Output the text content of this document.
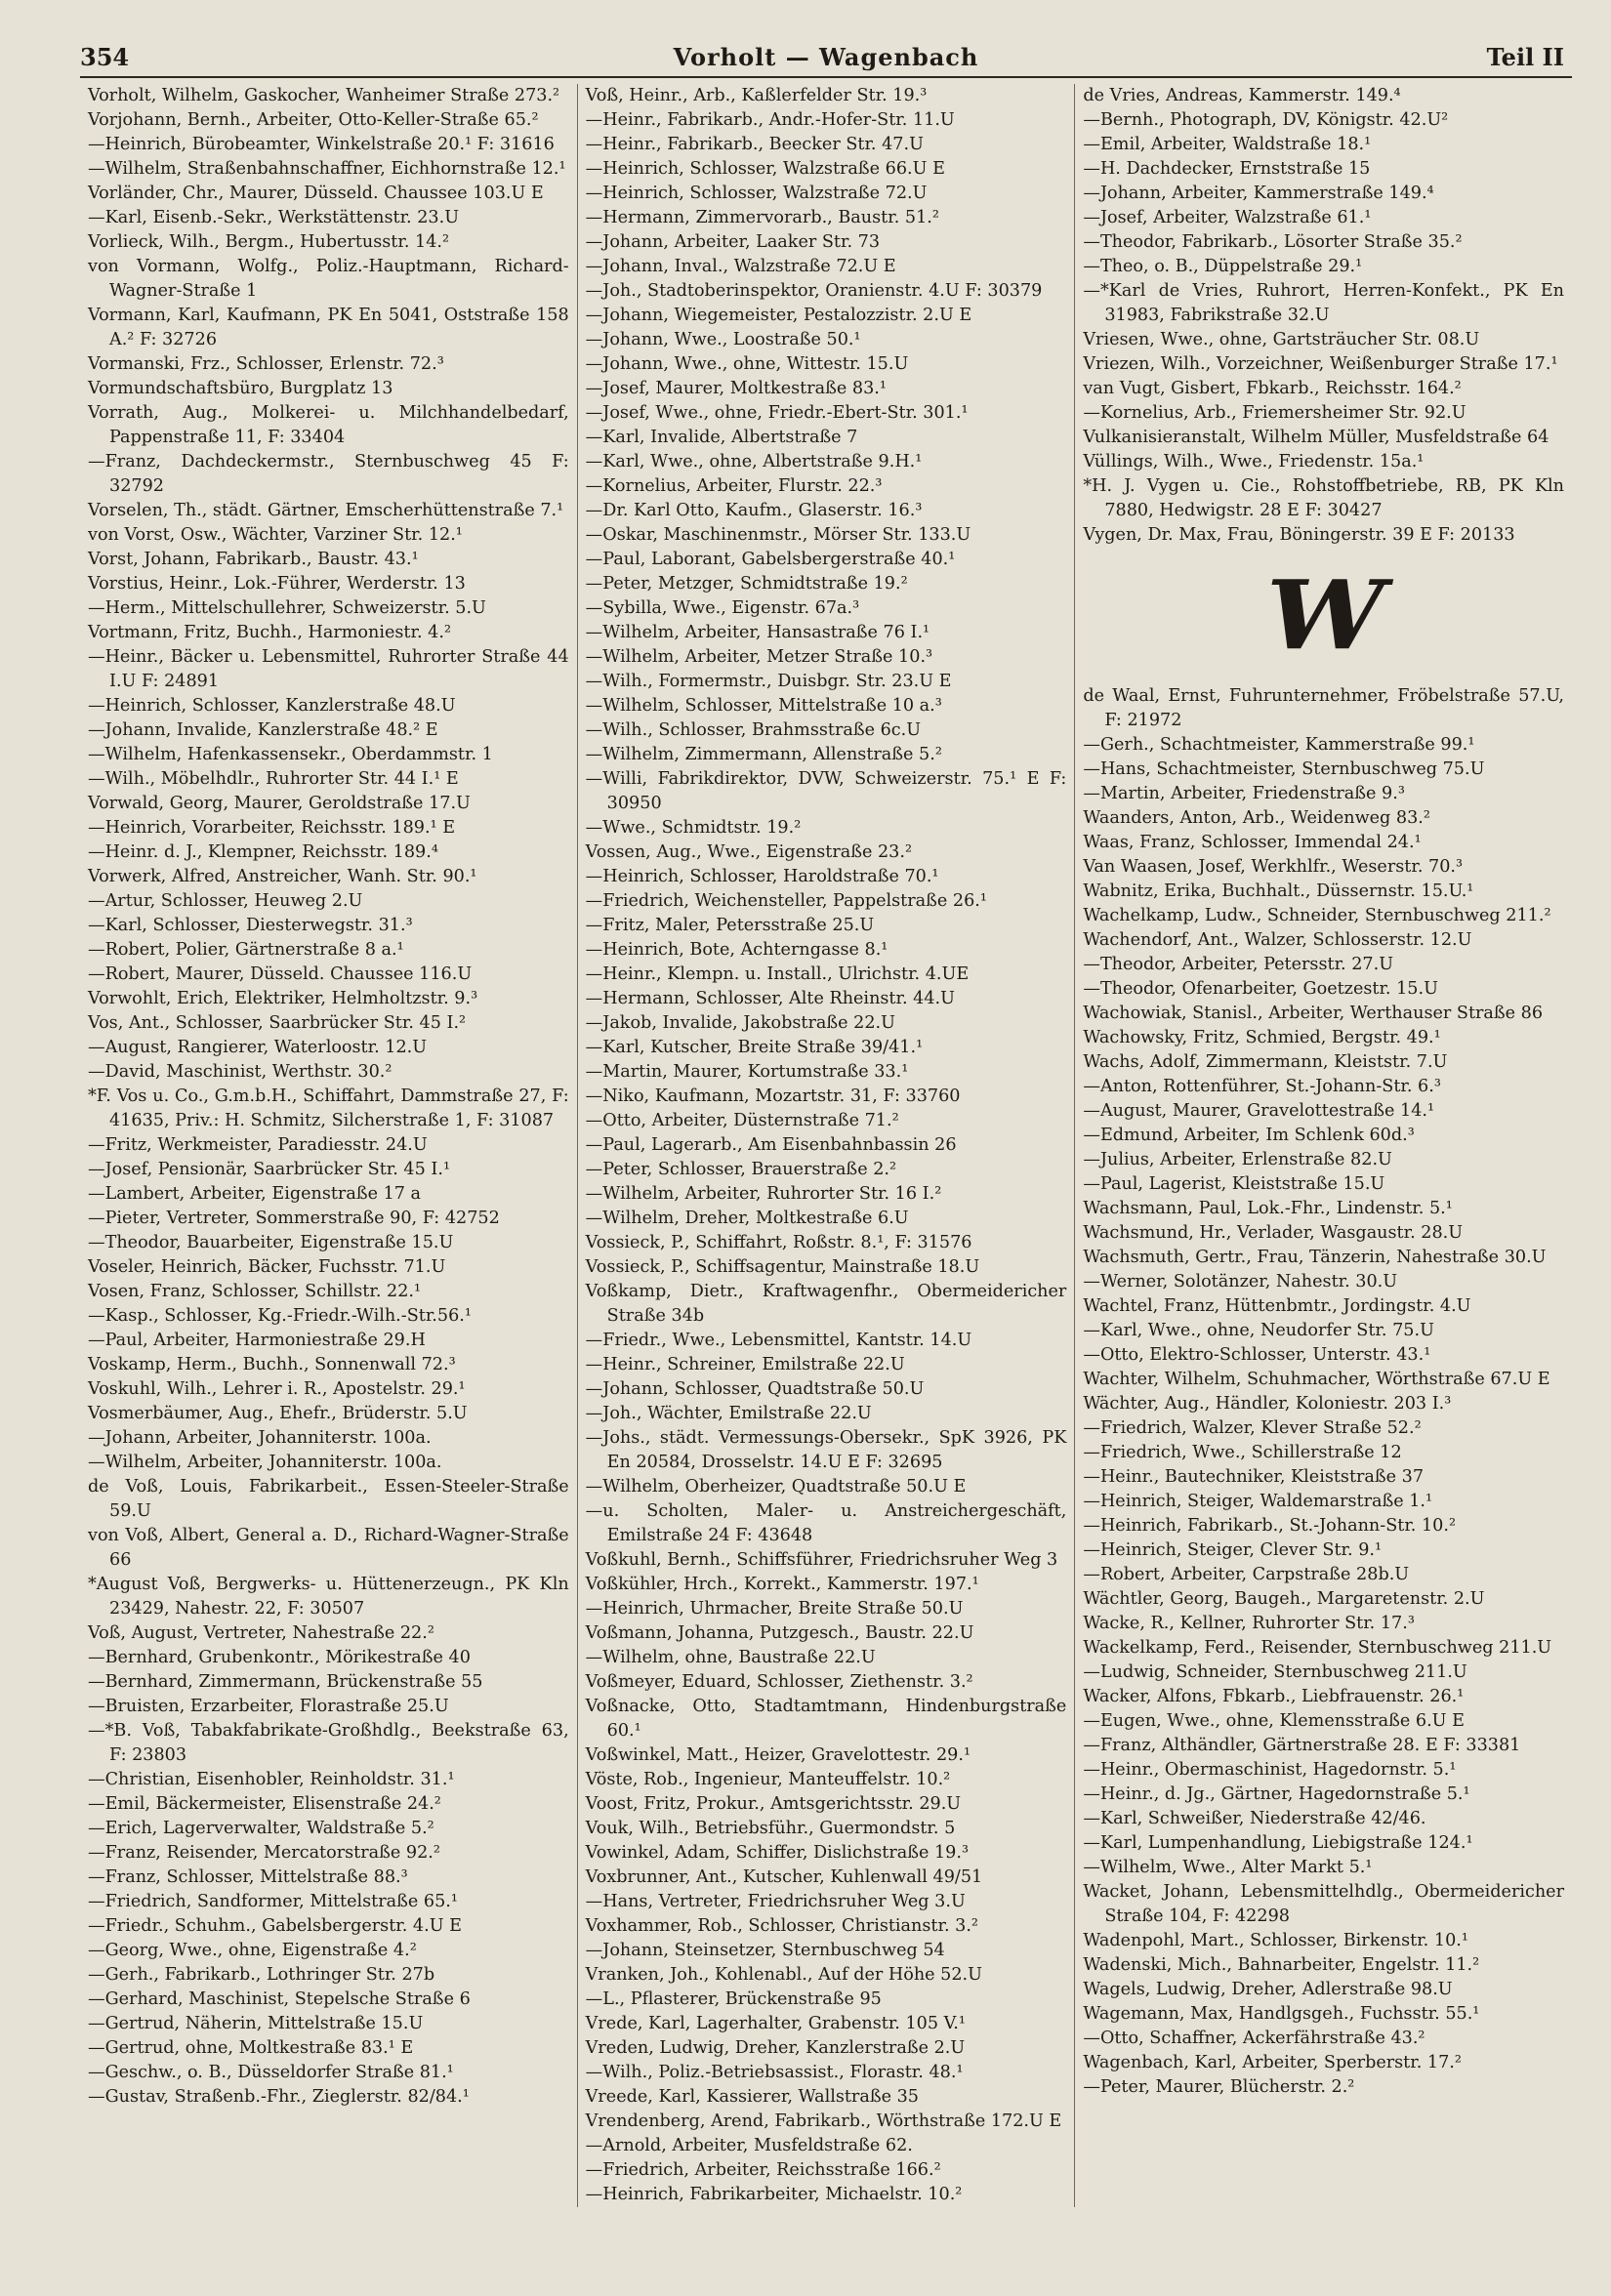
354	Vorholt — Wagenbach	Teil II
Vorholt, Wilhelm, Gaskocher, Wanheimer Straße 273.²
Vorjohann, Bernh., Arbeiter, Otto-Keller-Straße 65.²
—Heinrich, Bürobeamter, Winkelstraße 20.¹ F: 31616
—Wilhelm, Straßenbahnschaffner, Eichhornstraße 12.¹
Vorländer, Chr., Maurer, Düsseld. Chaussee 103.U E
—Karl, Eisenb.-Sekr., Werkstättenstr. 23.U
Vorlieck, Wilh., Bergm., Hubertusstr. 14.²
von Vormann, Wolfg., Poliz.-Hauptmann, Richard-Wagner-Straße 1
Vormann, Karl, Kaufmann, PK En 5041, Oststraße 158 A.² F: 32726
Vormanski, Frz., Schlosser, Erlenstr. 72.³
Vormundschaftsbüro, Burgplatz 13
Vorrath, Aug., Molkerei- u. Milchhandelbedarf, Pappenstraße 11, F: 33404
—Franz, Dachdeckermstr., Sternbuschweg 45 F: 32792
Vorselen, Th., städt. Gärtner, Emscherhüttenstraße 7.¹
von Vorst, Osw., Wächter, Varziner Str. 12.¹
Vorst, Johann, Fabrikarb., Baustr. 43.¹
Vorstius, Heinr., Lok.-Führer, Werderstr. 13
—Herm., Mittelschullehrer, Schweizerstr. 5.U
Vortmann, Fritz, Buchh., Harmoniestr. 4.²
—Heinr., Bäcker u. Lebensmittel, Ruhrorter Straße 44 I.U F: 24891
—Heinrich, Schlosser, Kanzlerstraße 48.U
—Johann, Invalide, Kanzlerstraße 48.² E
—Wilhelm, Hafenkassensekr., Oberdammstr. 1
—Wilh., Möbelhdlr., Ruhrorter Str. 44 I.¹ E
Vorwald, Georg, Maurer, Geroldstraße 17.U
—Heinrich, Vorarbeiter, Reichsstr. 189.¹ E
—Heinr. d. J., Klempner, Reichsstr. 189.⁴
Vorwerk, Alfred, Anstreicher, Wanh. Str. 90.¹
—Artur, Schlosser, Heuweg 2.U
—Karl, Schlosser, Diesterwegstr. 31.³
—Robert, Polier, Gärtnerstraße 8 a.¹
—Robert, Maurer, Düsseld. Chaussee 116.U
Vorwohlt, Erich, Elektriker, Helmholtzstr. 9.³
Vos, Ant., Schlosser, Saarbrücker Str. 45 I.²
—August, Rangierer, Waterloostr. 12.U
—David, Maschinist, Werthstr. 30.²
*F. Vos u. Co., G.m.b.H., Schiffahrt, Dammstraße 27, F: 41635, Priv.: H. Schmitz, Silcherstraße 1, F: 31087
—Fritz, Werkmeister, Paradiesstr. 24.U
—Josef, Pensionär, Saarbrücker Str. 45 I.¹
—Lambert, Arbeiter, Eigenstraße 17 a
—Pieter, Vertreter, Sommerstraße 90, F: 42752
—Theodor, Bauarbeiter, Eigenstraße 15.U
Voseler, Heinrich, Bäcker, Fuchsstr. 71.U
Vosen, Franz, Schlosser, Schillstr. 22.¹
—Kasp., Schlosser, Kg.-Friedr.-Wilh.-Str.56.¹
—Paul, Arbeiter, Harmoniestraße 29.H
Voskamp, Herm., Buchh., Sonnenwall 72.³
Voskuhl, Wilh., Lehrer i. R., Apostelstr. 29.¹
Vosmerbäumer, Aug., Ehefr., Brüderstr. 5.U
—Johann, Arbeiter, Johanniterstr. 100a.
—Wilhelm, Arbeiter, Johanniterstr. 100a.
de Voß, Louis, Fabrikarbeit., Essen-Steeler-Straße 59.U
von Voß, Albert, General a. D., Richard-Wagner-Straße 66
*August Voß, Bergwerks- u. Hüttenerzeugn., PK Kln 23429, Nahestr. 22, F: 30507
Voß, August, Vertreter, Nahestraße 22.²
—Bernhard, Grubenkontr., Mörikestraße 40
—Bernhard, Zimmermann, Brückenstraße 55
—Bruisten, Erzarbeiter, Florastraße 25.U
—*B. Voß, Tabakfabrikate-Großhdlg., Beekstraße 63, F: 23803
—Christian, Eisenhobler, Reinholdstr. 31.¹
—Emil, Bäckermeister, Elisenstraße 24.²
—Erich, Lagerverwalter, Waldstraße 5.²
—Franz, Reisender, Mercatorstraße 92.²
—Franz, Schlosser, Mittelstraße 88.³
—Friedrich, Sandformer, Mittelstraße 65.¹
—Friedr., Schuhm., Gabelsbergerstr. 4.U E
—Georg, Wwe., ohne, Eigenstraße 4.²
—Gerh., Fabrikarb., Lothringer Str. 27b
—Gerhard, Maschinist, Stepelsche Straße 6
—Gertrud, Näherin, Mittelstraße 15.U
—Gertrud, ohne, Moltkestraße 83.¹ E
—Geschw., o. B., Düsseldorfer Straße 81.¹
—Gustav, Straßenb.-Fhr., Zieglerstr. 82/84.¹
Voß, Heinr., Arb., Kaßlerfelder Str. 19.³
—Heinr., Fabrikarb., Andr.-Hofer-Str. 11.U
—Heinr., Fabrikarb., Beecker Str. 47.U
—Heinrich, Schlosser, Walzstraße 66.U E
—Heinrich, Schlosser, Walzstraße 72.U
—Hermann, Zimmervorarb., Baustr. 51.²
—Johann, Arbeiter, Laaker Str. 73
—Johann, Inval., Walzstraße 72.U E
—Joh., Stadtoberinspektor, Oranienstr. 4.U F: 30379
—Johann, Wiegemeister, Pestalozzistr. 2.U E
—Johann, Wwe., Loostraße 50.¹
—Johann, Wwe., ohne, Wittestr. 15.U
—Josef, Maurer, Moltkestraße 83.¹
—Josef, Wwe., ohne, Friedr.-Ebert-Str. 301.¹
—Karl, Invalide, Albertstraße 7
—Karl, Wwe., ohne, Albertstraße 9.H.¹
—Kornelius, Arbeiter, Flurstr. 22.³
—Dr. Karl Otto, Kaufm., Glaserstr. 16.³
—Oskar, Maschinenmstr., Mörser Str. 133.U
—Paul, Laborant, Gabelsbergerstraße 40.¹
—Peter, Metzger, Schmidtstraße 19.²
—Sybilla, Wwe., Eigenstr. 67a.³
—Wilhelm, Arbeiter, Hansastraße 76 I.¹
—Wilhelm, Arbeiter, Metzer Straße 10.³
—Wilh., Formermstr., Duisbgr. Str. 23.U E
—Wilhelm, Schlosser, Mittelstraße 10 a.³
—Wilh., Schlosser, Brahmsstraße 6c.U
—Wilhelm, Zimmermann, Allenstraße 5.²
—Willi, Fabrikdirektor, DVW, Schweizerstr. 75.¹ E F: 30950
—Wwe., Schmidtstr. 19.²
Vossen, Aug., Wwe., Eigenstraße 23.²
—Heinrich, Schlosser, Haroldstraße 70.¹
—Friedrich, Weichensteller, Pappelstraße 26.¹
—Fritz, Maler, Petersstraße 25.U
—Heinrich, Bote, Achterngasse 8.¹
—Heinr., Klempn. u. Install., Ulrichstr. 4.UE
—Hermann, Schlosser, Alte Rheinstr. 44.U
—Jakob, Invalide, Jakobstraße 22.U
—Karl, Kutscher, Breite Straße 39/41.¹
—Martin, Maurer, Kortumstraße 33.¹
—Niko, Kaufmann, Mozartstr. 31, F: 33760
—Otto, Arbeiter, Düsternstraße 71.²
—Paul, Lagerarb., Am Eisenbahnbassin 26
—Peter, Schlosser, Brauerstraße 2.²
—Wilhelm, Arbeiter, Ruhrorter Str. 16 I.²
—Wilhelm, Dreher, Moltkestraße 6.U
Vossieck, P., Schiffahrt, Roßstr. 8.¹, F: 31576
Vossieck, P., Schiffsagentur, Mainstraße 18.U
Voßkamp, Dietr., Kraftwagenfhr., Obermeidericher Straße 34b
—Friedr., Wwe., Lebensmittel, Kantstr. 14.U
—Heinr., Schreiner, Emilstraße 22.U
—Johann, Schlosser, Quadtstraße 50.U
—Joh., Wächter, Emilstraße 22.U
—Johs., städt. Vermessungs-Obersekr., SpK 3926, PK En 20584, Drosselstr. 14.U E F: 32695
—Wilhelm, Oberheizer, Quadtstraße 50.U E
—u. Scholten, Maler- u. Anstreichergeschäft, Emilstraße 24 F: 43648
Voßkuhl, Bernh., Schiffsführer, Friedrichsruher Weg 3
Voßkühler, Hrch., Korrekt., Kammerstr. 197.¹
—Heinrich, Uhrmacher, Breite Straße 50.U
Voßmann, Johanna, Putzgesch., Baustr. 22.U
—Wilhelm, ohne, Baustraße 22.U
Voßmeyer, Eduard, Schlosser, Ziethenstr. 3.²
Voßnacke, Otto, Stadtamtmann, Hindenburgstraße 60.¹
Voßwinkel, Matt., Heizer, Gravelottestr. 29.¹
Vöste, Rob., Ingenieur, Manteuffelstr. 10.²
Voost, Fritz, Prokur., Amtsgerichtsstr. 29.U
Vouk, Wilh., Betriebsführ., Guermondstr. 5
Vowinkel, Adam, Schiffer, Dislichstraße 19.³
Voxbrunner, Ant., Kutscher, Kuhlenwall 49/51
—Hans, Vertreter, Friedrichsruher Weg 3.U
Voxhammer, Rob., Schlosser, Christianstr. 3.²
—Johann, Steinsetzer, Sternbuschweg 54
Vranken, Joh., Kohlenabl., Auf der Höhe 52.U
—L., Pflasterer, Brückenstraße 95
Vrede, Karl, Lagerhalter, Grabenstr. 105 V.¹
Vreden, Ludwig, Dreher, Kanzlerstraße 2.U
—Wilh., Poliz.-Betriebsassist., Florastr. 48.¹
Vreede, Karl, Kassierer, Wallstraße 35
Vrendenberg, Arend, Fabrikarb., Wörthstraße 172.U E
—Arnold, Arbeiter, Musfeldstraße 62.
—Friedrich, Arbeiter, Reichsstraße 166.²
—Heinrich, Fabrikarbeiter, Michaelstr. 10.²
de Vries, Andreas, Kammerstr. 149.⁴
—Bernh., Photograph, DV, Königstr. 42.U²
—Emil, Arbeiter, Waldstraße 18.¹
—H. Dachdecker, Ernststraße 15
—Johann, Arbeiter, Kammerstraße 149.⁴
—Josef, Arbeiter, Walzstraße 61.¹
—Theodor, Fabrikarb., Lösorter Straße 35.²
—Theo, o. B., Düppelstraße 29.¹
—*Karl de Vries, Ruhrort, Herren-Konfekt., PK En 31983, Fabrikstraße 32.U
Vriesen, Wwe., ohne, Gartsträucher Str. 08.U
Vriezen, Wilh., Vorzeichner, Weißenburger Straße 17.¹
van Vugt, Gisbert, Fbkarb., Reichsstr. 164.²
—Kornelius, Arb., Friemersheimer Str. 92.U
Vulkanisieranstalt, Wilhelm Müller, Musfeldstraße 64
Vüllings, Wilh., Wwe., Friedenstr. 15a.¹
*H. J. Vygen u. Cie., Rohstoffbetriebe, RB, PK Kln 7880, Hedwigstr. 28 E F: 30427
Vygen, Dr. Max, Frau, Böningerstr. 39 E F: 20133
W
de Waal, Ernst, Fuhrunternehmer, Fröbelstraße 57.U, F: 21972
—Gerh., Schachtmeister, Kammerstraße 99.¹
—Hans, Schachtmeister, Sternbuschweg 75.U
—Martin, Arbeiter, Friedenstraße 9.³
Waanders, Anton, Arb., Weidenweg 83.²
Waas, Franz, Schlosser, Immendal 24.¹
Van Waasen, Josef, Werkhlfr., Weserstr. 70.³
Wabnitz, Erika, Buchhalt., Düssernstr. 15.U.¹
Wachelkamp, Ludw., Schneider, Sternbuschweg 211.²
Wachendorf, Ant., Walzer, Schlosserstr. 12.U
—Theodor, Arbeiter, Petersstr. 27.U
—Theodor, Ofenarbeiter, Goetzestr. 15.U
Wachowiak, Stanisl., Arbeiter, Werthauser Straße 86
Wachowsky, Fritz, Schmied, Bergstr. 49.¹
Wachs, Adolf, Zimmermann, Kleiststr. 7.U
—Anton, Rottenführer, St.-Johann-Str. 6.³
—August, Maurer, Gravelottestraße 14.¹
—Edmund, Arbeiter, Im Schlenk 60d.³
—Julius, Arbeiter, Erlenstraße 82.U
—Paul, Lagerist, Kleiststraße 15.U
Wachsmann, Paul, Lok.-Fhr., Lindenstr. 5.¹
Wachsmund, Hr., Verlader, Wasgaustr. 28.U
Wachsmuth, Gertr., Frau, Tänzerin, Nahestraße 30.U
—Werner, Solotänzer, Nahestr. 30.U
Wachtel, Franz, Hüttenbmtr., Jordingstr. 4.U
—Karl, Wwe., ohne, Neudorfer Str. 75.U
—Otto, Elektro-Schlosser, Unterstr. 43.¹
Wachter, Wilhelm, Schuhmacher, Wörthstraße 67.U E
Wächter, Aug., Händler, Koloniestr. 203 I.³
—Friedrich, Walzer, Klever Straße 52.²
—Friedrich, Wwe., Schillerstraße 12
—Heinr., Bautechniker, Kleiststraße 37
—Heinrich, Steiger, Waldemarstraße 1.¹
—Heinrich, Fabrikarb., St.-Johann-Str. 10.²
—Heinrich, Steiger, Clever Str. 9.¹
—Robert, Arbeiter, Carpstraße 28b.U
Wächtler, Georg, Baugeh., Margaretenstr. 2.U
Wacke, R., Kellner, Ruhrorter Str. 17.³
Wackelkamp, Ferd., Reisender, Sternbuschweg 211.U
—Ludwig, Schneider, Sternbuschweg 211.U
Wacker, Alfons, Fbkarb., Liebfrauenstr. 26.¹
—Eugen, Wwe., ohne, Klemensstraße 6.U E
—Franz, Althändler, Gärtnerstraße 28. E F: 33381
—Heinr., Obermaschinist, Hagedornstr. 5.¹
—Heinr., d. Jg., Gärtner, Hagedornstraße 5.¹
—Karl, Schweißer, Niederstraße 42/46.
—Karl, Lumpenhandlung, Liebigstraße 124.¹
—Wilhelm, Wwe., Alter Markt 5.¹
Wacket, Johann, Lebensmittelhdlg., Obermeidericher Straße 104, F: 42298
Wadenpohl, Mart., Schlosser, Birkenstr. 10.¹
Wadenski, Mich., Bahnarbeiter, Engelstr. 11.²
Wagels, Ludwig, Dreher, Adlerstraße 98.U
Wagemann, Max, Handlgsgeh., Fuchsstr. 55.¹
—Otto, Schaffner, Ackerfährstraße 43.²
Wagenbach, Karl, Arbeiter, Sperberstr. 17.²
—Peter, Maurer, Blücherstr. 2.²
